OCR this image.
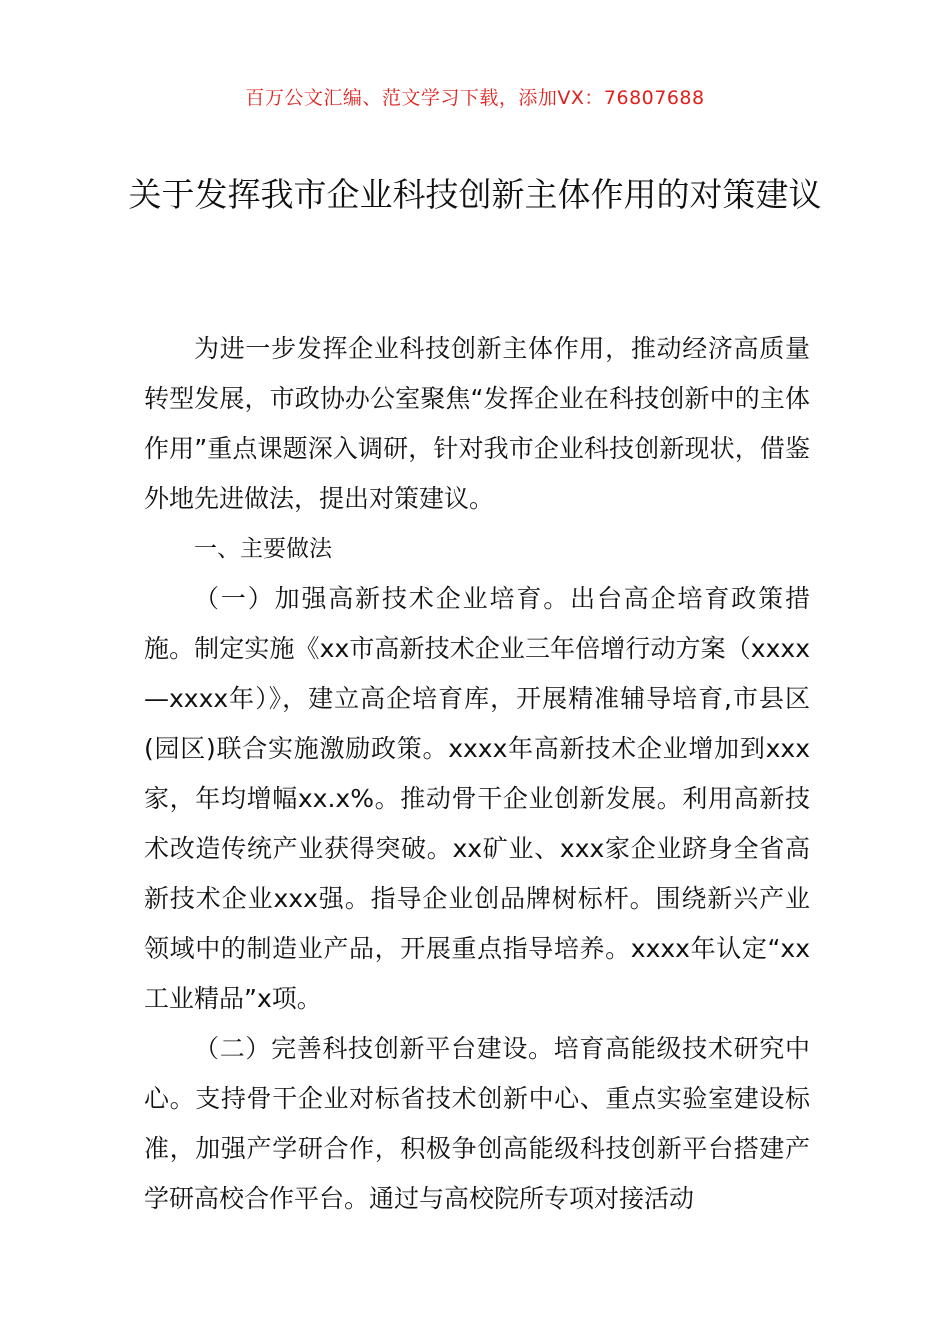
百万公文汇编、范文学习下载，添加VX：76807688
关于发挥我市企业科技创新主体作用的对策建议

为进一步发挥企业科技创新主体作用，推动经济高质量转型发展，市政协办公室聚焦“发挥企业在科技创新中的主体作用”重点课题深入调研，针对我市企业科技创新现状，借鉴外地先进做法，提出对策建议。

一、主要做法

（一）加强高新技术企业培育。出台高企培育政策措施。制定实施《xx市高新技术企业三年倍增行动方案（xxxx—xxxx年）》，建立高企培育库，开展精准辅导培育,市县区(园区)联合实施激励政策。xxxx年高新技术企业增加到xxx家，年均增幅xx.x%。推动骨干企业创新发展。利用高新技术改造传统产业获得突破。xx矿业、xxx家企业跻身全省高新技术企业xxx强。指导企业创品牌树标杆。围绕新兴产业领域中的制造业产品，开展重点指导培养。xxxx年认定“xx工业精品”x项。

（二）完善科技创新平台建设。培育高能级技术研究中心。支持骨干企业对标省技术创新中心、重点实验室建设标准，加强产学研合作，积极争创高能级科技创新平台搭建产学研高校合作平台。通过与高校院所专项对接活动
